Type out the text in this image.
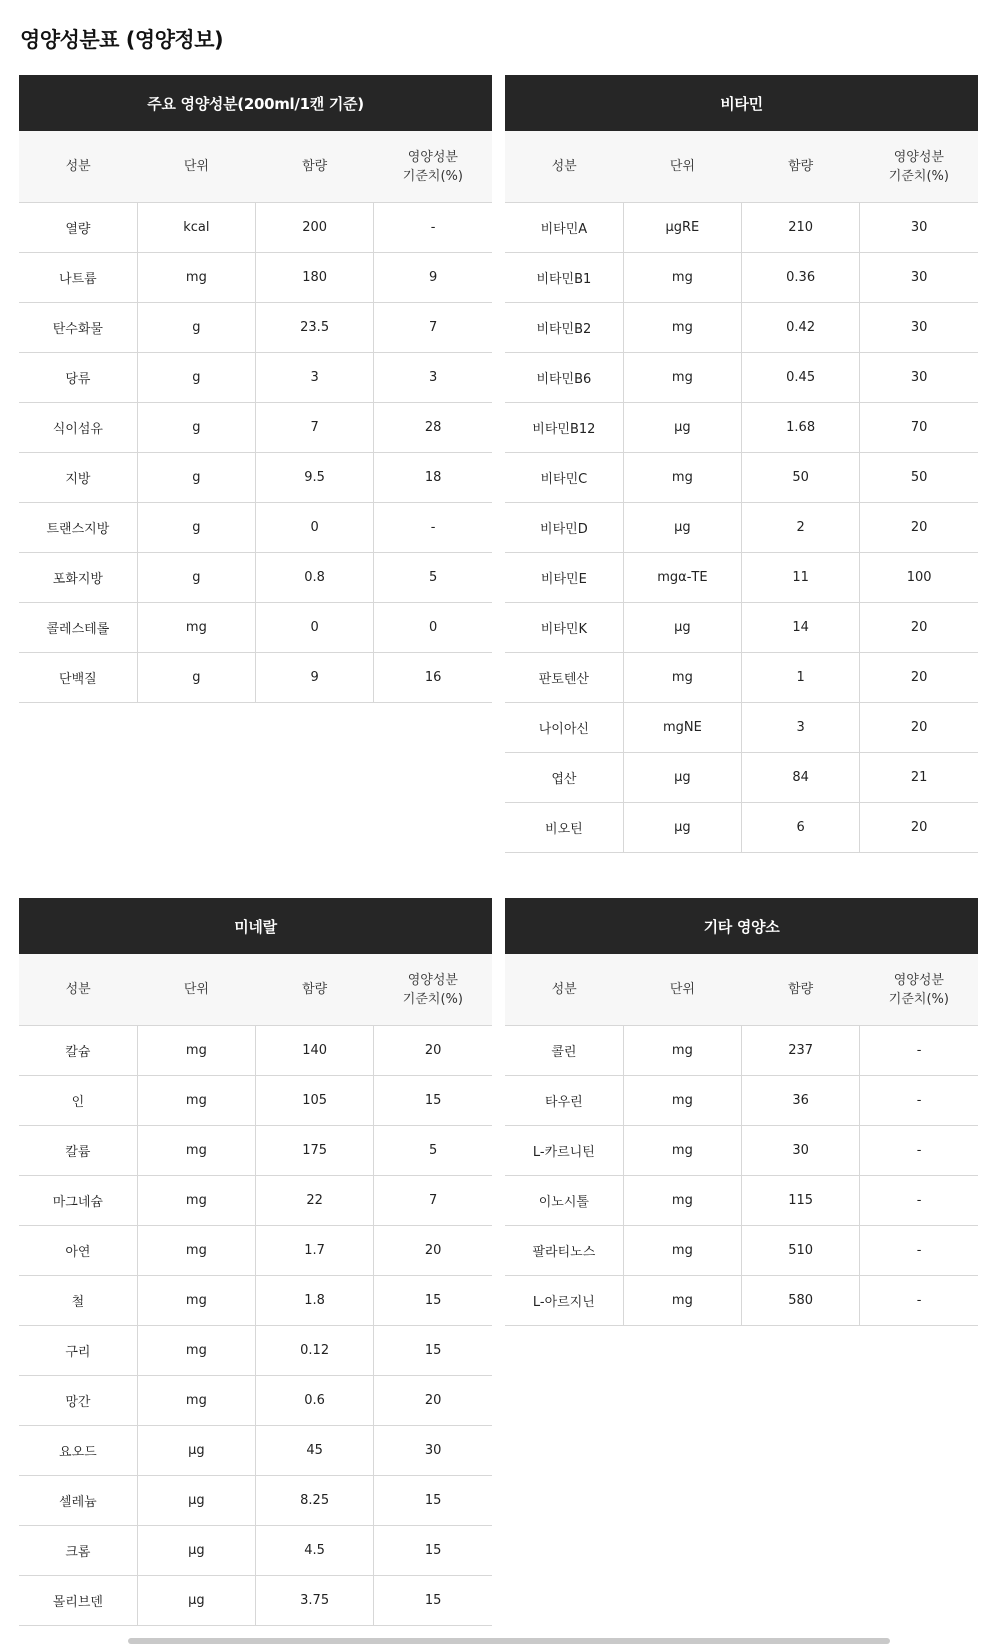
영양성분표 (영양정보)
주요 영양성분(200ml/1캔 기준)			
성분	단위	함량	영양성분
기준치(%)

열량	kcal	200	-
나트륨	mg	180	9
탄수화물	g	23.5	7
당류	g	3	3
식이섬유	g	7	28
지방	g	9.5	18
트랜스지방	g	0	-
포화지방	g	0.8	5
콜레스테롤	mg	0	0
단백질	g	9	16
비타민			
성분	단위	함량	영양성분
기준치(%)

비타민A	μgRE	210	30
비타민B1	mg	0.36	30
비타민B2	mg	0.42	30
비타민B6	mg	0.45	30
비타민B12	μg	1.68	70
비타민C	mg	50	50
비타민D	μg	2	20
비타민E	mgα-TE	11	100
비타민K	μg	14	20
판토텐산	mg	1	20
나이아신	mgNE	3	20
엽산	μg	84	21
비오틴	μg	6	20
미네랄			
성분	단위	함량	영양성분
기준치(%)

칼슘	mg	140	20
인	mg	105	15
칼륨	mg	175	5
마그네슘	mg	22	7
아연	mg	1.7	20
철	mg	1.8	15
구리	mg	0.12	15
망간	mg	0.6	20
요오드	μg	45	30
셀레늄	μg	8.25	15
크롬	μg	4.5	15
몰리브덴	μg	3.75	15
기타 영양소			
성분	단위	함량	영양성분
기준치(%)

콜린	mg	237	-
타우린	mg	36	-
L-카르니틴	mg	30	-
이노시톨	mg	115	-
팔라티노스	mg	510	-
L-아르지닌	mg	580	-
